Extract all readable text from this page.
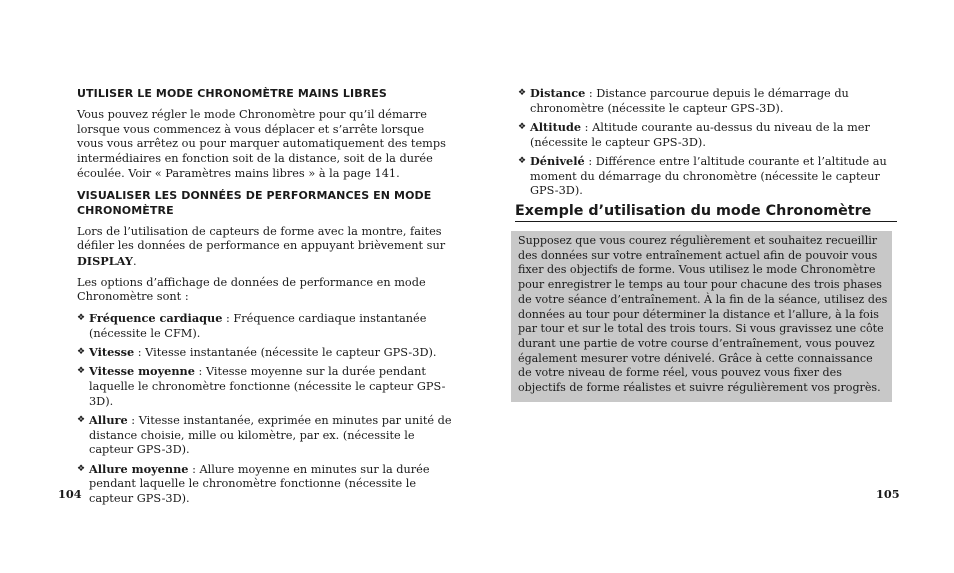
UTILISER LE MODE CHRONOMÈTRE MAINS LIBRES

Vous pouvez régler le mode Chronomètre pour qu’il démarre lorsque vous commencez à vous déplacer et s’arrête lorsque vous vous arrêtez ou pour marquer automatiquement des temps intermédiaires en fonction soit de la distance, soit de la durée écoulée. Voir « Paramètres mains libres » à la page 141.

VISUALISER LES DONNÉES DE PERFORMANCES EN MODE CHRONOMÈTRE

Lors de l’utilisation de capteurs de forme avec la montre, faites défiler les données de performance en appuyant brièvement sur DISPLAY.

Les options d’affichage de données de performance en mode Chronomètre sont :

❖ Fréquence cardiaque : Fréquence cardiaque instantanée (nécessite le CFM).
❖ Vitesse : Vitesse instantanée (nécessite le capteur GPS-3D).
❖ Vitesse moyenne : Vitesse moyenne sur la durée pendant laquelle le chronomètre fonctionne (nécessite le capteur GPS-3D).
❖ Allure : Vitesse instantanée, exprimée en minutes par unité de distance choisie, mille ou kilomètre, par ex. (nécessite le capteur GPS-3D).
❖ Allure moyenne : Allure moyenne en minutes sur la durée pendant laquelle le chronomètre fonctionne (nécessite le capteur GPS-3D).
104
❖ Distance : Distance parcourue depuis le démarrage du chronomètre (nécessite le capteur GPS-3D).
❖ Altitude : Altitude courante au-dessus du niveau de la mer (nécessite le capteur GPS-3D).
❖ Dénivelé : Différence entre l’altitude courante et l’altitude au moment du démarrage du chronomètre (nécessite le capteur GPS-3D).
Exemple d’utilisation du mode Chronomètre

Supposez que vous courez régulièrement et souhaitez recueillir des données sur votre entraînement actuel afin de pouvoir vous fixer des objectifs de forme. Vous utilisez le mode Chronomètre pour enregistrer le temps au tour pour chacune des trois phases de votre séance d’entraînement. À la fin de la séance, utilisez des données au tour pour déterminer la distance et l’allure, à la fois par tour et sur le total des trois tours. Si vous gravissez une côte durant une partie de votre course d’entraînement, vous pouvez également mesurer votre dénivelé. Grâce à cette connaissance de votre niveau de forme réel, vous pouvez vous fixer des objectifs de forme réalistes et suivre régulièrement vos progrès.

105
